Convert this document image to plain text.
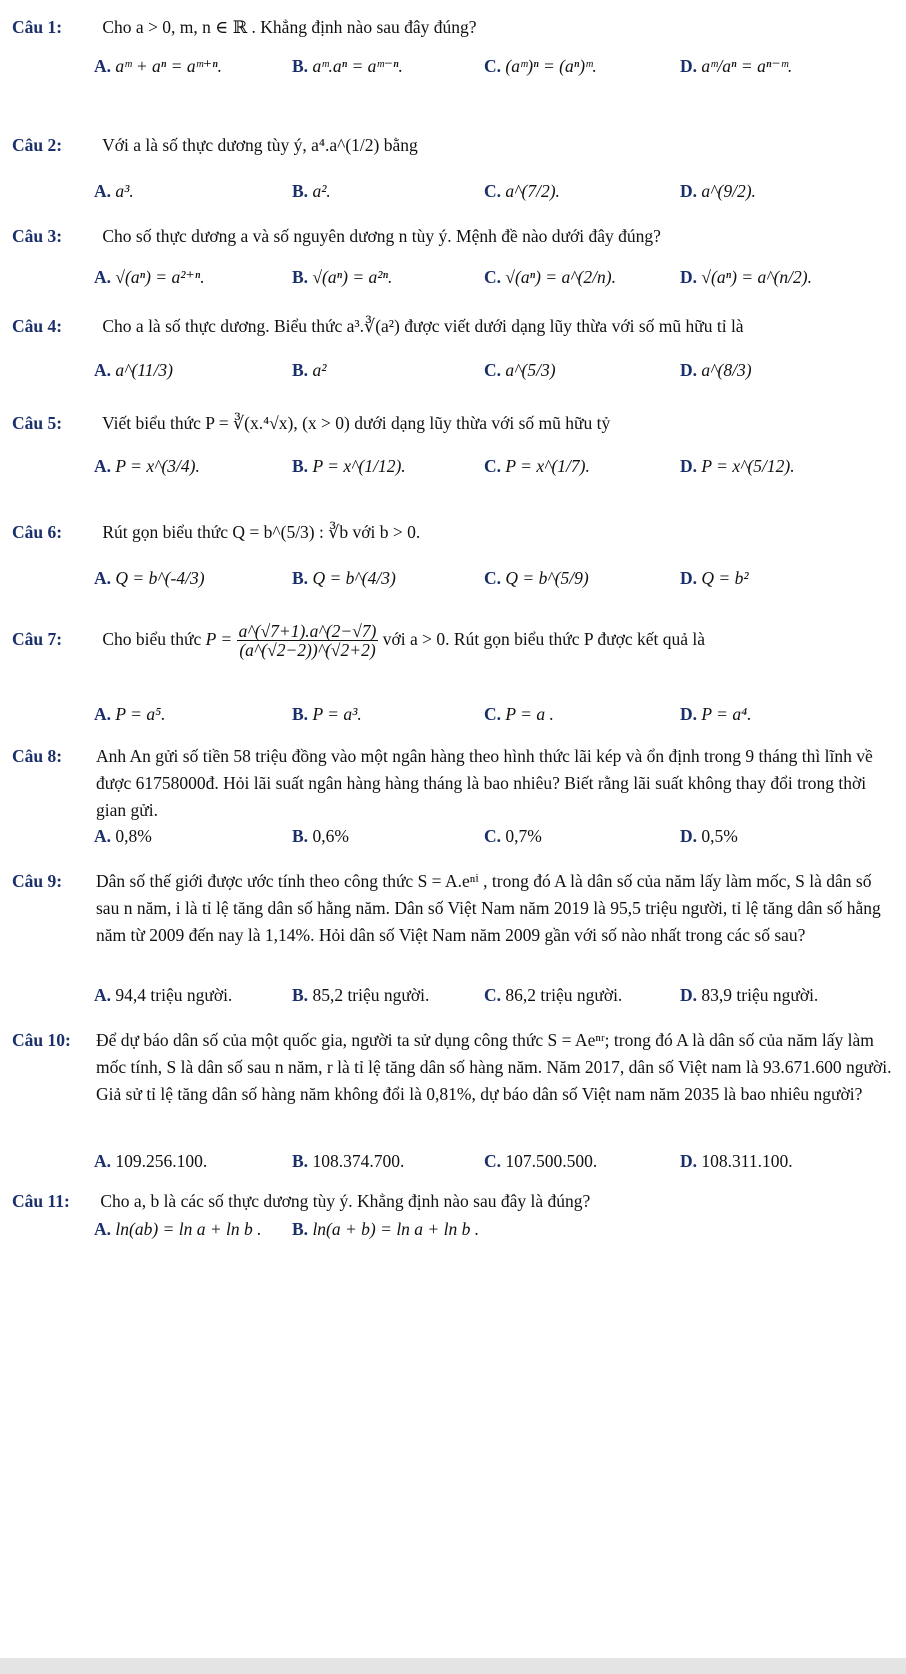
Câu 1: Cho a > 0, m, n ∈ ℝ . Khẳng định nào sau đây đúng?
A. aᵐ + aⁿ = aᵐ⁺ⁿ.	B. aᵐ.aⁿ = aᵐ⁻ⁿ.	C. (aᵐ)ⁿ = (aⁿ)ᵐ.	D. aᵐ/aⁿ = aⁿ⁻ᵐ.
Câu 2: Với a là số thực dương tùy ý, a⁴.a^(1/2) bằng
A. a³.	B. a².	C. a^(7/2).	D. a^(9/2).
Câu 3: Cho số thực dương a và số nguyên dương n tùy ý. Mệnh đề nào dưới đây đúng?
A. √(aⁿ) = a²⁺ⁿ.	B. √(aⁿ) = a²ⁿ.	C. √(aⁿ) = a^(2/n).	D. √(aⁿ) = a^(n/2).
Câu 4: Cho a là số thực dương. Biểu thức a³.∛(a²) được viết dưới dạng lũy thừa với số mũ hữu tỉ là
A. a^(11/3)	B. a²	C. a^(5/3)	D. a^(8/3)
Câu 5: Viết biểu thức P = ∛(x.⁴√x), (x > 0) dưới dạng lũy thừa với số mũ hữu tỷ
A. P = x^(3/4).	B. P = x^(1/12).	C. P = x^(1/7).	D. P = x^(5/12).
Câu 6: Rút gọn biểu thức Q = b^(5/3) : ∛b với b > 0.
A. Q = b^(-4/3)	B. Q = b^(4/3)	C. Q = b^(5/9)	D. Q = b²
Câu 7: Cho biểu thức $P = \frac{a\^{}(√7+1).a\^{}(2-√7)}{(a\^{}(√2-2))\^{}(√2+2)}$ với a > 0. Rút gọn biểu thức P được kết quả là
A. P = a⁵.	B. P = a³.	C. P = a .	D. P = a⁴.
Câu 8: Anh An gửi số tiền 58 triệu đồng vào một ngân hàng theo hình thức lãi kép và ổn định trong 9 tháng thì lĩnh về được 61758000đ. Hỏi lãi suất ngân hàng hàng tháng là bao nhiêu? Biết rằng lãi suất không thay đổi trong thời gian gửi.
A. 0,8%	B. 0,6%	C. 0,7%	D. 0,5%
Câu 9: Dân số thế giới được ước tính theo công thức S = A.eⁿⁱ , trong đó A là dân số của năm lấy làm mốc, S là dân số sau n năm, i là tỉ lệ tăng dân số hằng năm. Dân số Việt Nam năm 2019 là 95,5 triệu người, tỉ lệ tăng dân số hằng năm từ 2009 đến nay là 1,14%. Hỏi dân số Việt Nam năm 2009 gần với số nào nhất trong các số sau?
A. 94,4 triệu người.	B. 85,2 triệu người.	C. 86,2 triệu người.	D. 83,9 triệu người.
Câu 10: Để dự báo dân số của một quốc gia, người ta sử dụng công thức S = Aeⁿʳ; trong đó A là dân số của năm lấy làm mốc tính, S là dân số sau n năm, r là tỉ lệ tăng dân số hàng năm. Năm 2017, dân số Việt nam là 93.671.600 người. Giả sử tỉ lệ tăng dân số hàng năm không đổi là 0,81%, dự báo dân số Việt nam năm 2035 là bao nhiêu người?
A. 109.256.100.	B. 108.374.700.	C. 107.500.500.	D. 108.311.100.
Câu 11: Cho a, b là các số thực dương tùy ý. Khẳng định nào sau đây là đúng?
A. ln(ab) = ln a + ln b . B. ln(a + b) = ln a + ln b .
